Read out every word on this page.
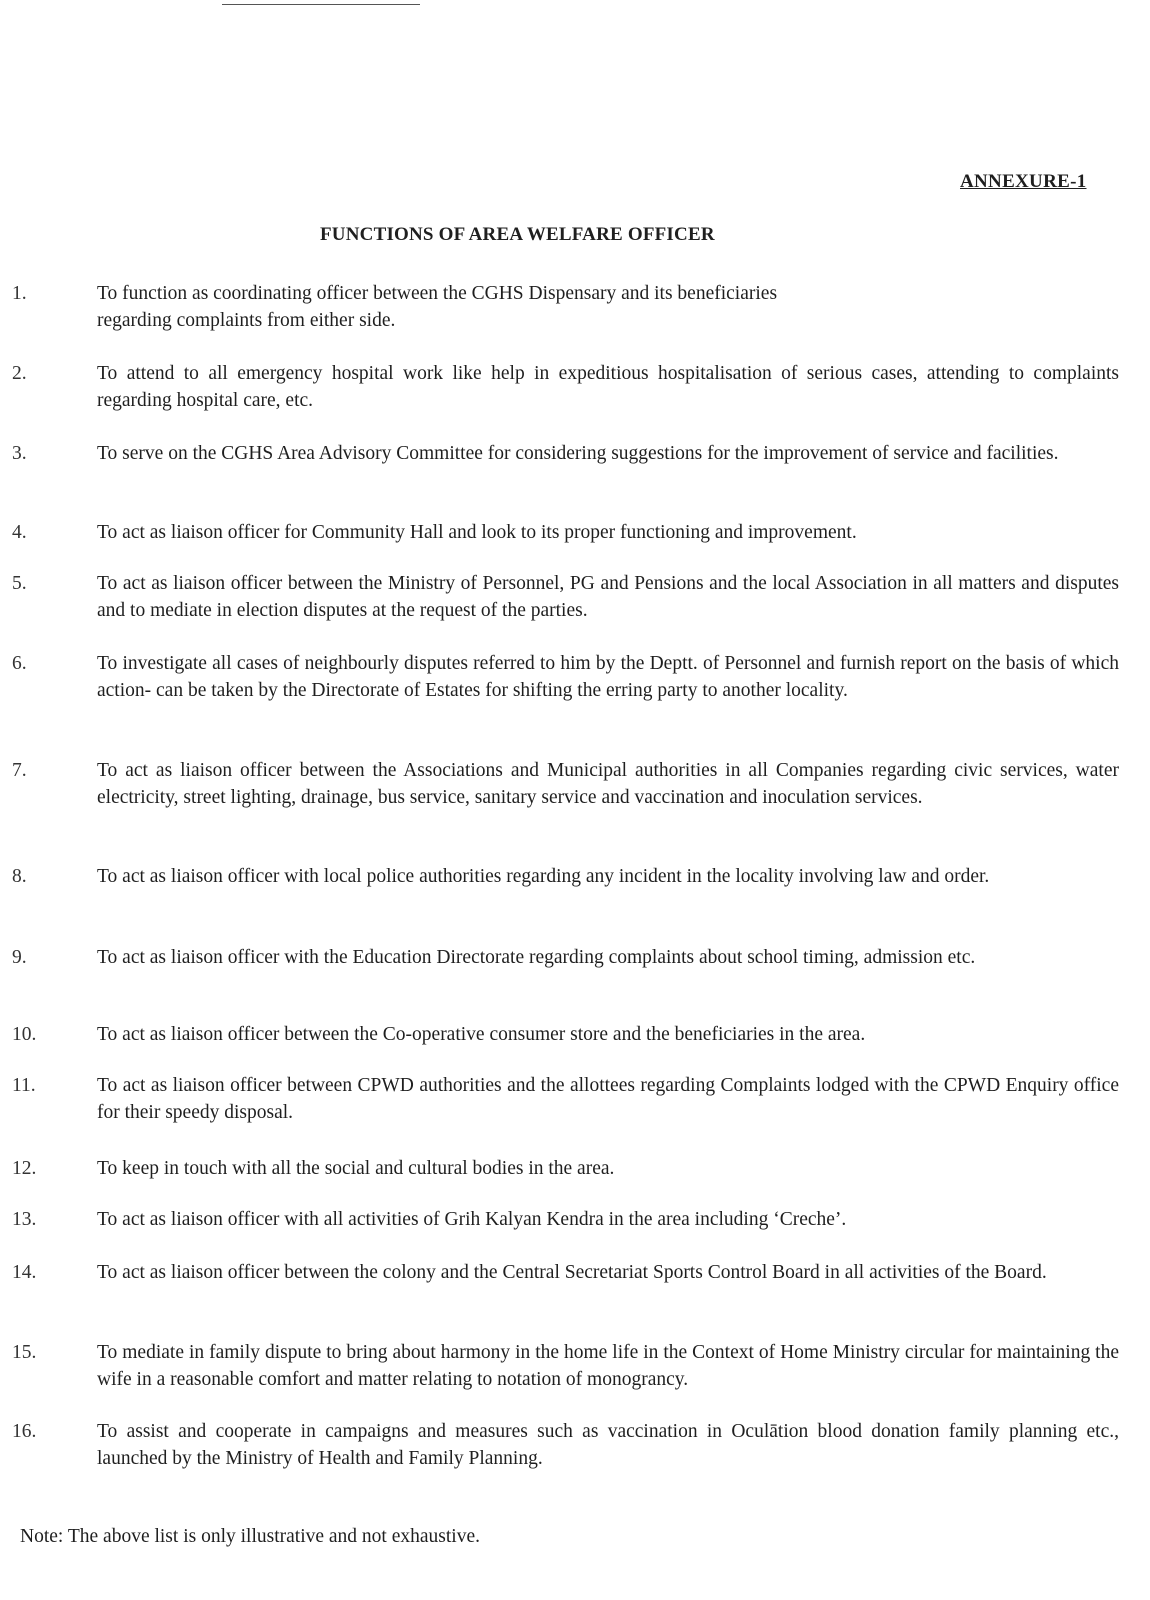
ANNEXURE-1
FUNCTIONS OF AREA WELFARE OFFICER
1.	To function as coordinating officer between the CGHS Dispensary and its beneficiaries regarding complaints from either side.
2.	To attend to all emergency hospital work like help in expeditious hospitalisation of serious cases, attending to complaints regarding hospital care, etc.
3.	To serve on the CGHS Area Advisory Committee for considering suggestions for the improvement of service and facilities.
4.	To act as liaison officer for Community Hall and look to its proper functioning and improvement.
5.	To act as liaison officer between the Ministry of Personnel, PG and Pensions and the local Association in all matters and disputes and to mediate in election disputes at the request of the parties.
6.	To investigate all cases of neighbourly disputes referred to him by the Deptt. of Personnel and furnish report on the basis of which action- can be taken by the Directorate of Estates for shifting the erring party to another locality.
7.	To act as liaison officer between the Associations and Municipal authorities in all Companies regarding civic services, water electricity, street lighting, drainage, bus service, sanitary service and vaccination and inoculation services.
8.	To act as liaison officer with local police authorities regarding any incident in the locality involving law and order.
9.	To act as liaison officer with the Education Directorate regarding complaints about school timing, admission etc.
10.	To act as liaison officer between the Co-operative consumer store and the beneficiaries in the area.
11.	To act as liaison officer between CPWD authorities and the allottees regarding Complaints lodged with the CPWD Enquiry office for their speedy disposal.
12.	To keep in touch with all the social and cultural bodies in the area.
13.	To act as liaison officer with all activities of Grih Kalyan Kendra in the area including ‘Creche’.
14.	To act as liaison officer between the colony and the Central Secretariat Sports Control Board in all activities of the Board.
15.	To mediate in family dispute to bring about harmony in the home life in the Context of Home Ministry circular for maintaining the wife in a reasonable comfort and matter relating to notation of monograncy.
16.	To assist and cooperate in campaigns and measures such as vaccination in Oculātion blood donation family planning etc., launched by the Ministry of Health and Family Planning.
Note: The above list is only illustrative and not exhaustive.
